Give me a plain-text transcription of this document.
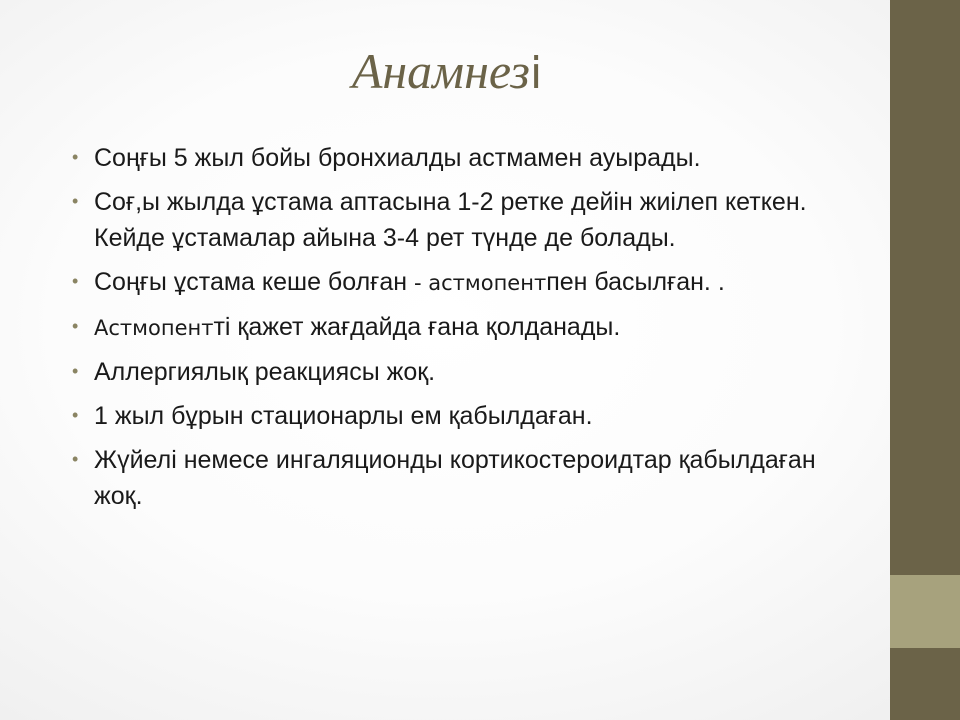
Анамнезі
• Соңғы 5 жыл бойы бронхиалды астмамен ауырады.
• Соғ,ы жылда ұстама аптасына 1-2 ретке дейін жиілеп кеткен. Кейде ұстамалар айына 3-4 рет түнде де болады.
• Соңғы ұстама кеше болған - астмопентпен басылған. .
• Астмопентті қажет жағдайда ғана қолданады.
• Аллергиялық реакциясы жоқ.
• 1 жыл бұрын стационарлы ем қабылдаған.
• Жүйелі немесе ингаляционды кортикостероидтар қабылдаған жоқ.
